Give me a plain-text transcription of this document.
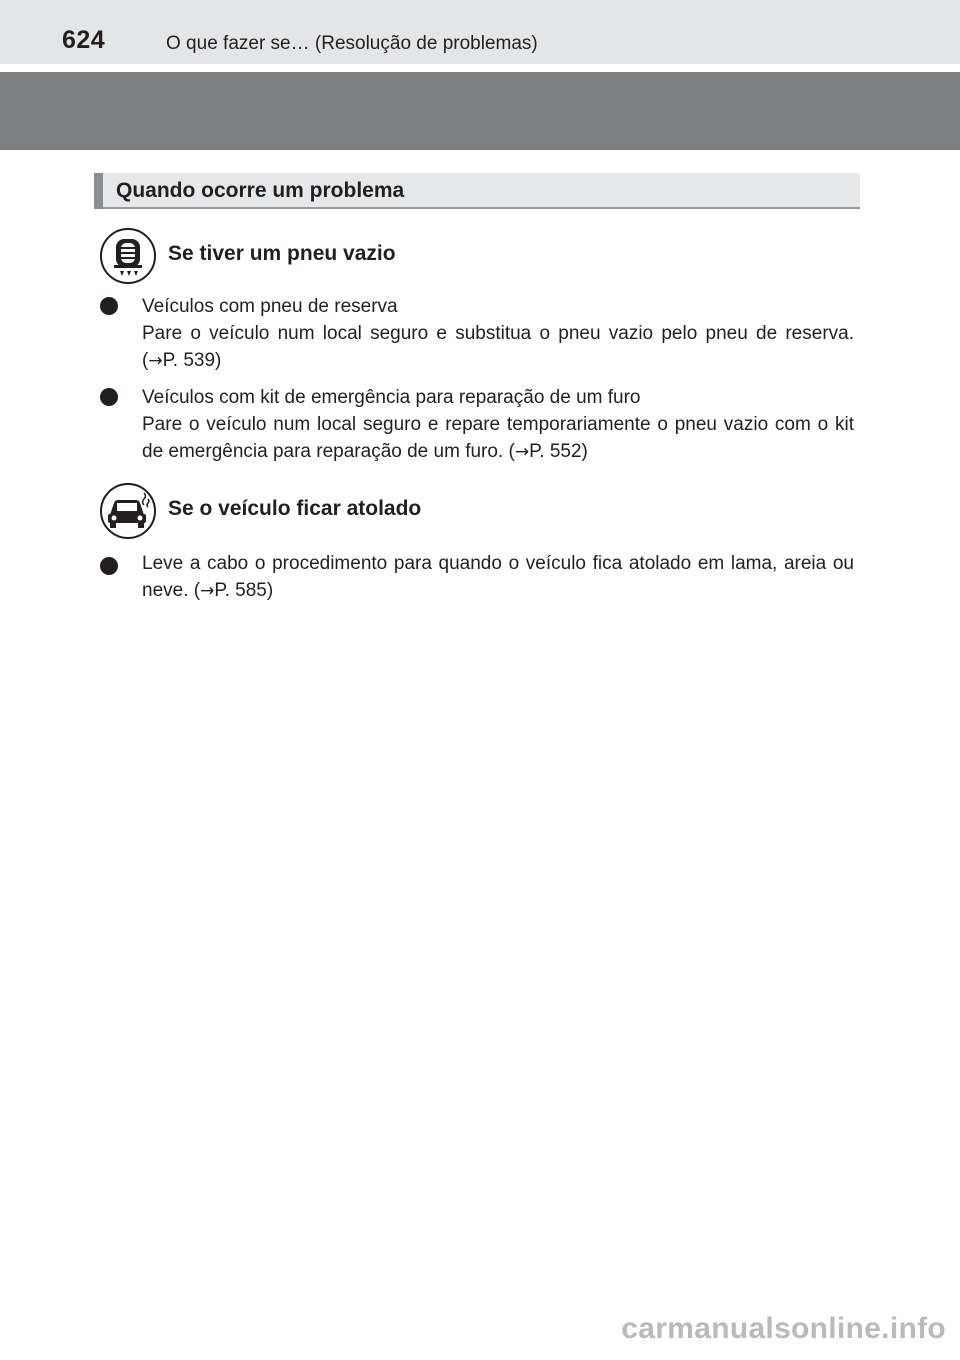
624	O que fazer se… (Resolução de problemas)
Quando ocorre um problema
Se tiver um pneu vazio
Veículos com pneu de reserva
Pare o veículo num local seguro e substitua o pneu vazio pelo pneu de reserva. (→P. 539)
Veículos com kit de emergência para reparação de um furo
Pare o veículo num local seguro e repare temporariamente o pneu vazio com o kit de emergência para reparação de um furo. (→P. 552)
Se o veículo ficar atolado
Leve a cabo o procedimento para quando o veículo fica atolado em lama, areia ou neve. (→P. 585)
carmanualsonline.info
